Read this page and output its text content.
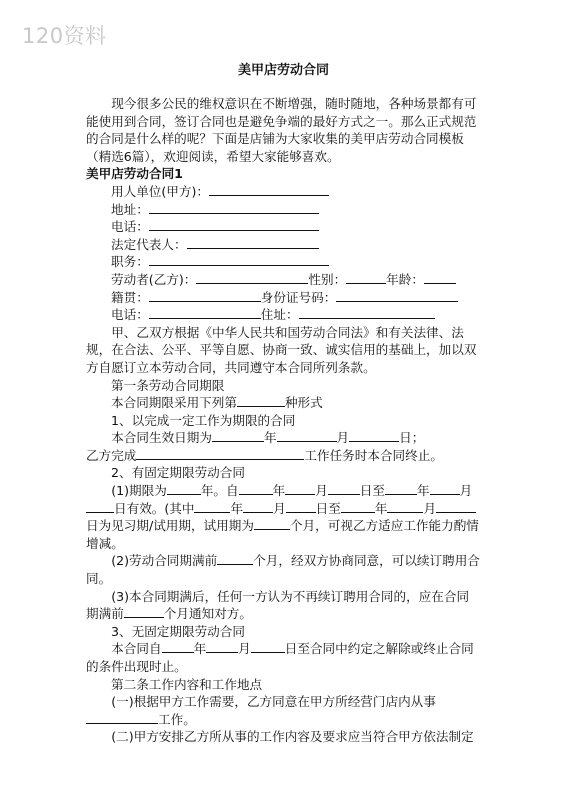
120资料

美甲店劳动合同

现今很多公民的维权意识在不断增强，随时随地，各种场景都有可能使用到合同，签订合同也是避免争端的最好方式之一。那么正式规范的合同是什么样的呢？下面是店铺为大家收集的美甲店劳动合同模板（精选6篇），欢迎阅读，希望大家能够喜欢。

美甲店劳动合同1

用人单位(甲方)：

地址：

电话：

法定代表人：

职务：

劳动者(乙方)：	性别：	年龄：

籍贯：	身份证号码：

电话：	住址：

甲、乙双方根据《中华人民共和国劳动合同法》和有关法律、法规，在合法、公平、平等自愿、协商一致、诚实信用的基础上，加以双方自愿订立本劳动合同，共同遵守本合同所列条款。

第一条劳动合同期限

本合同期限采用下列第	种形式

1、以完成一定工作为期限的合同

本合同生效日期为	年	月	日；

乙方完成	工作任务时本合同终止。

2、有固定期限劳动合同

(1)期限为	年。自	年 月	日至	年 月日有效。(其中	年 月 日至	年	月日为见习期/试用期，试用期为	个月，可视乙方适应工作能力酌情增减。

(2)劳动合同期满前	个月，经双方协商同意，可以续订聘用合同。

(3)本合同期满后，任何一方认为不再续订聘用合同的，应在合同期满前	个月通知对方。

3、无固定期限劳动合同

本合同自	年	月	日至合同中约定之解除或终止合同的条件出现时止。

第二条工作内容和工作地点

(一)根据甲方工作需要，乙方同意在甲方所经营门店内从事工作。

(二)甲方安排乙方所从事的工作内容及要求应当符合甲方依法制定
